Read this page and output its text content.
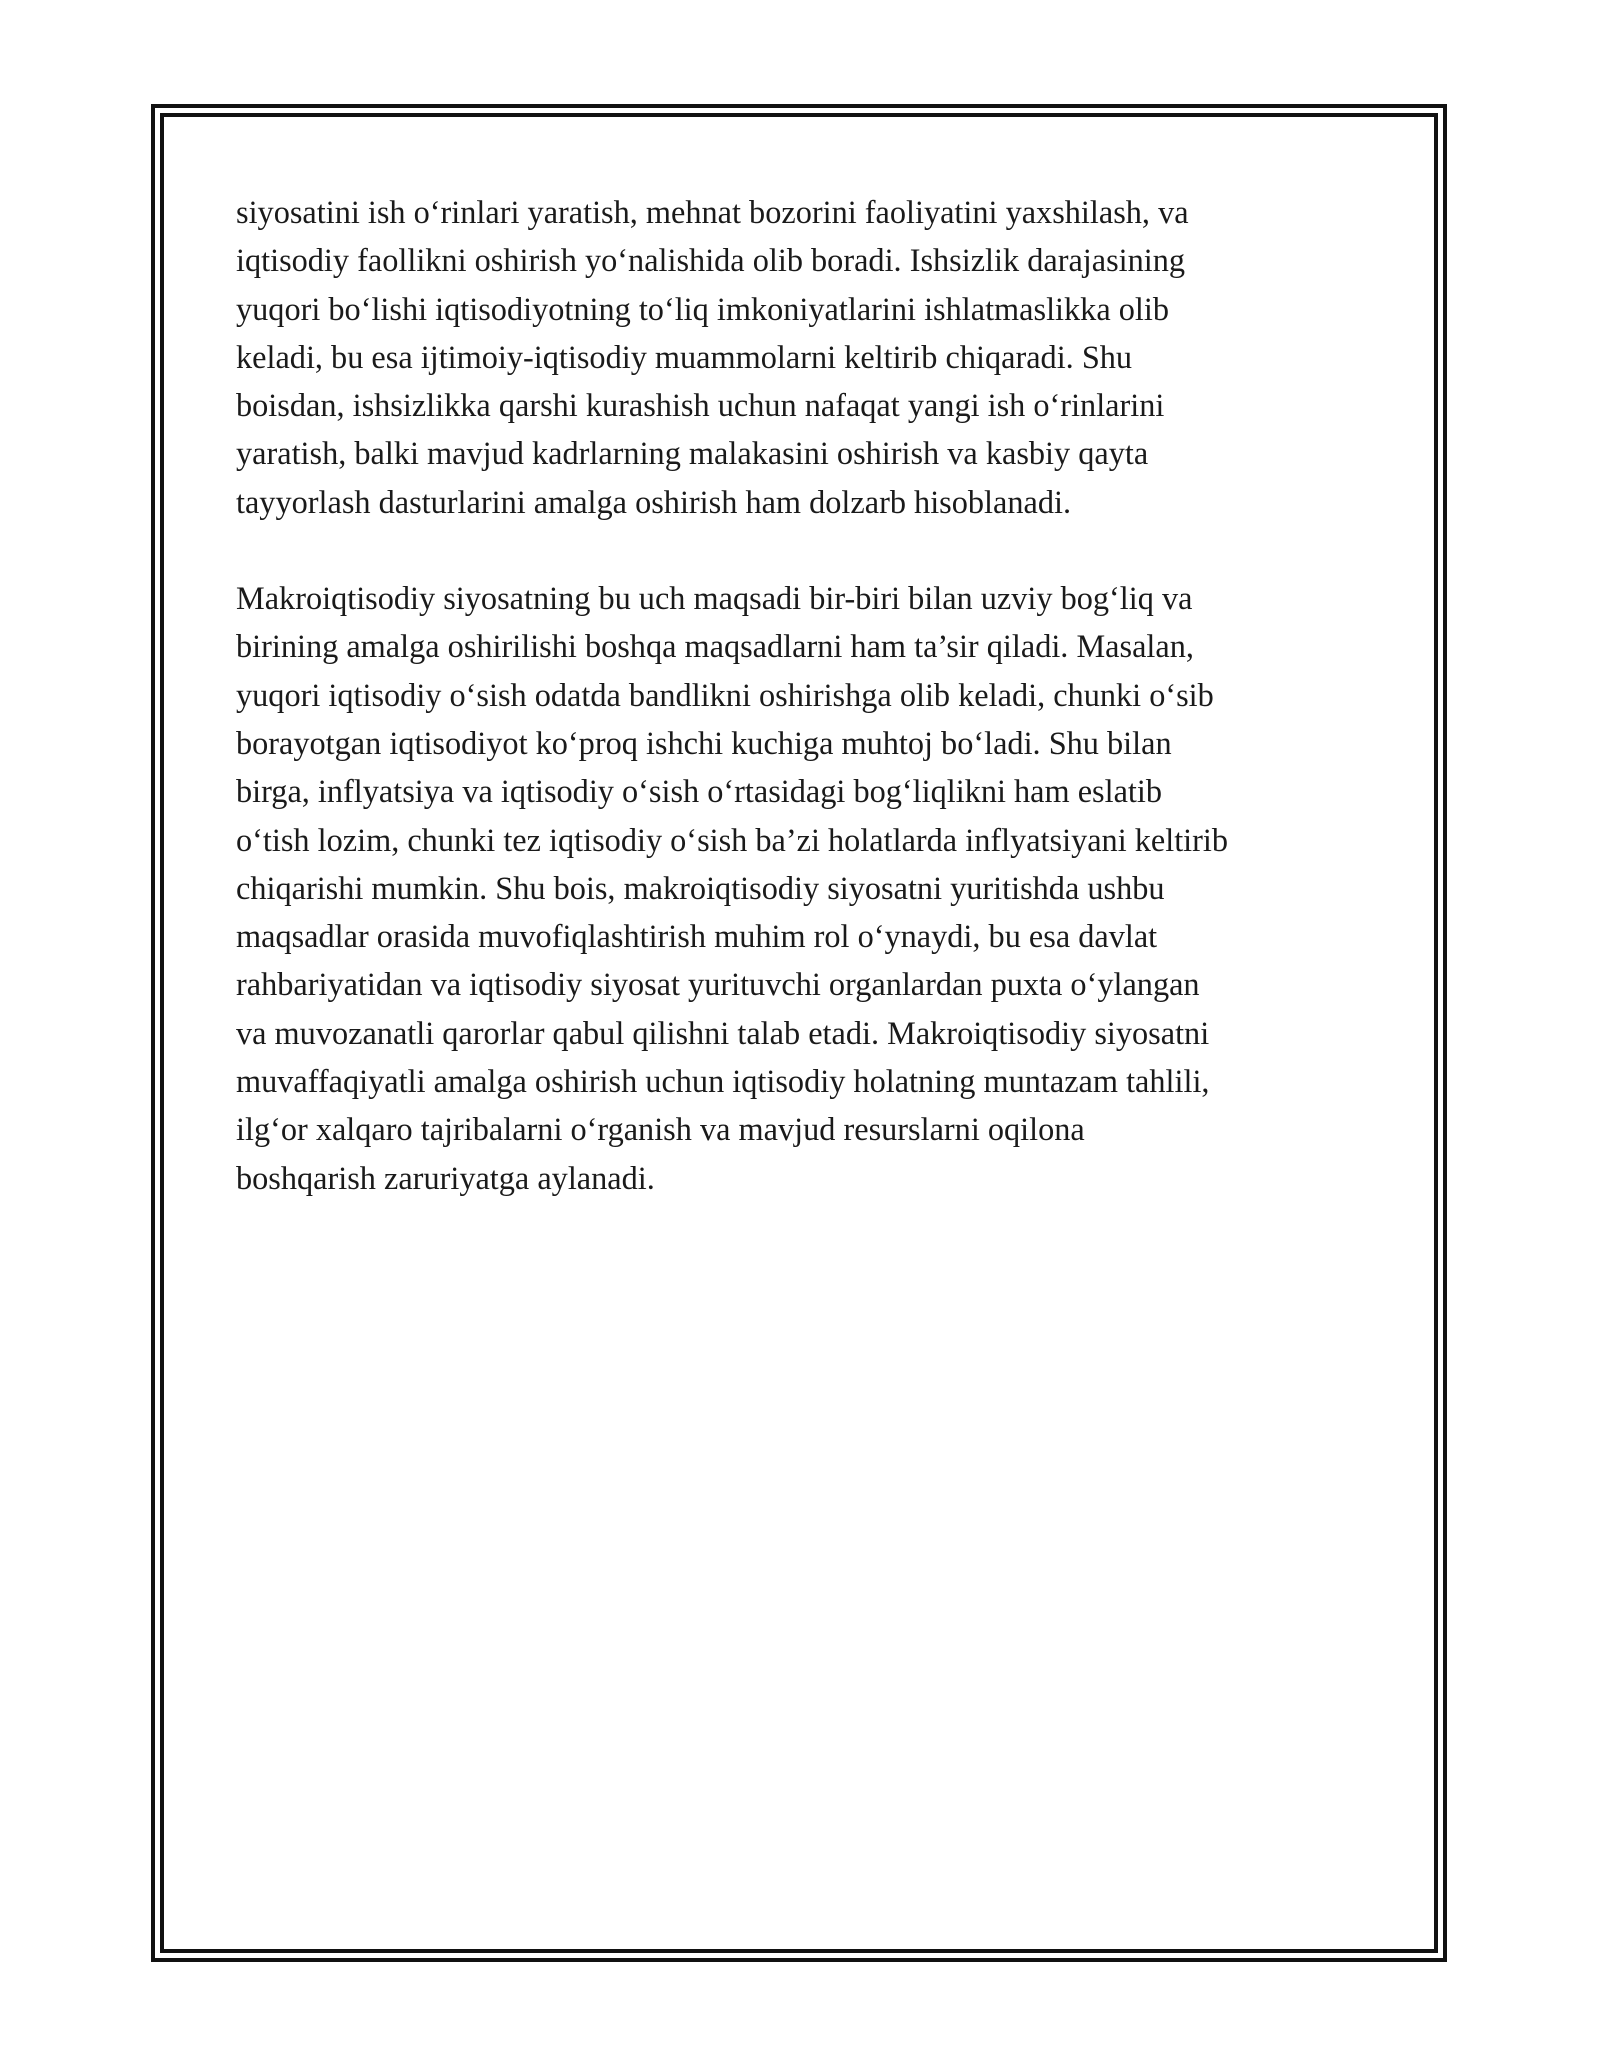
siyosatini ish o‘rinlari yaratish, mehnat bozorini faoliyatini yaxshilash, va
iqtisodiy faollikni oshirish yo‘nalishida olib boradi. Ishsizlik darajasining
yuqori bo‘lishi iqtisodiyotning to‘liq imkoniyatlarini ishlatmaslikka olib
keladi, bu esa ijtimoiy-iqtisodiy muammolarni keltirib chiqaradi. Shu
boisdan, ishsizlikka qarshi kurashish uchun nafaqat yangi ish o‘rinlarini
yaratish, balki mavjud kadrlarning malakasini oshirish va kasbiy qayta
tayyorlash dasturlarini amalga oshirish ham dolzarb hisoblanadi.

Makroiqtisodiy siyosatning bu uch maqsadi bir-biri bilan uzviy bog‘liq va
birining amalga oshirilishi boshqa maqsadlarni ham ta’sir qiladi. Masalan,
yuqori iqtisodiy o‘sish odatda bandlikni oshirishga olib keladi, chunki o‘sib
borayotgan iqtisodiyot ko‘proq ishchi kuchiga muhtoj bo‘ladi. Shu bilan
birga, inflyatsiya va iqtisodiy o‘sish o‘rtasidagi bog‘liqlikni ham eslatib
o‘tish lozim, chunki tez iqtisodiy o‘sish ba’zi holatlarda inflyatsiyani keltirib
chiqarishi mumkin. Shu bois, makroiqtisodiy siyosatni yuritishda ushbu
maqsadlar orasida muvofiqlashtirish muhim rol o‘ynaydi, bu esa davlat
rahbariyatidan va iqtisodiy siyosat yurituvchi organlardan puxta o‘ylangan
va muvozanatli qarorlar qabul qilishni talab etadi. Makroiqtisodiy siyosatni
muvaffaqiyatli amalga oshirish uchun iqtisodiy holatning muntazam tahlili,
ilg‘or xalqaro tajribalarni o‘rganish va mavjud resurslarni oqilona
boshqarish zaruriyatga aylanadi.
